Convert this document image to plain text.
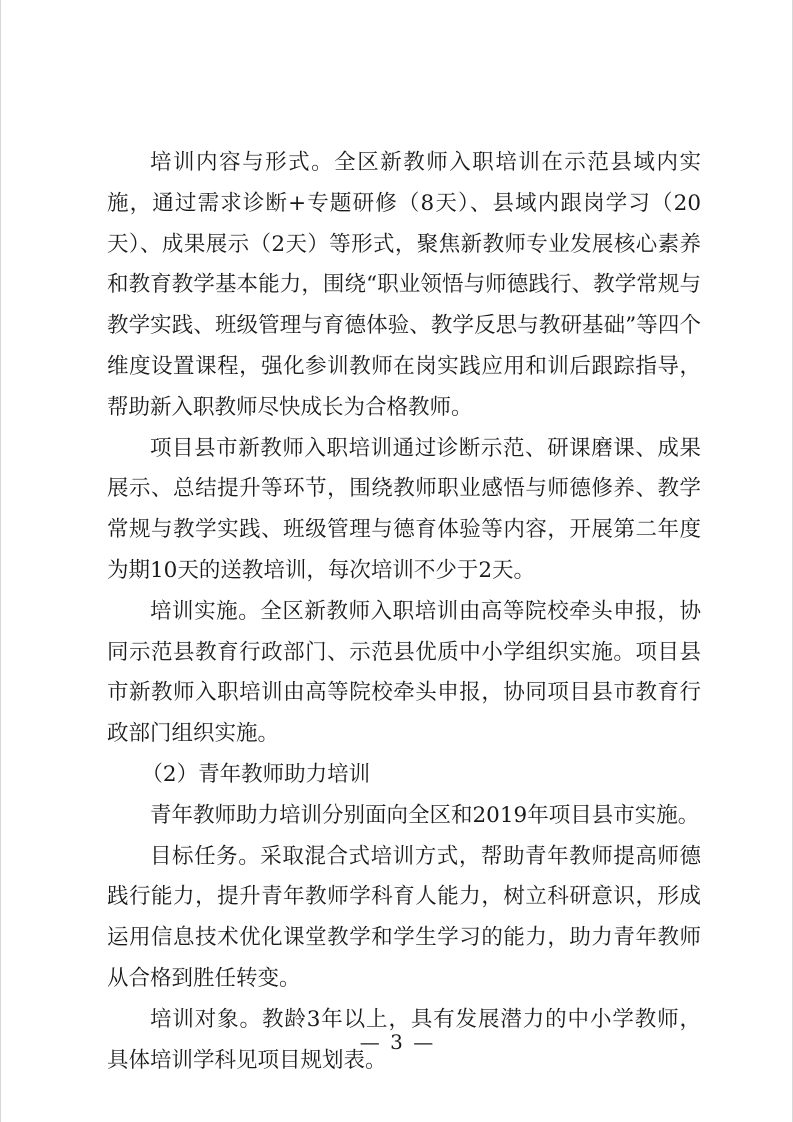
培训内容与形式。全区新教师入职培训在示范县域内实施，通过需求诊断+专题研修（8天）、县域内跟岗学习（20天）、成果展示（2天）等形式，聚焦新教师专业发展核心素养和教育教学基本能力，围绕“职业领悟与师德践行、教学常规与教学实践、班级管理与育德体验、教学反思与教研基础”等四个维度设置课程，强化参训教师在岗实践应用和训后跟踪指导，帮助新入职教师尽快成长为合格教师。

项目县市新教师入职培训通过诊断示范、研课磨课、成果展示、总结提升等环节，围绕教师职业感悟与师德修养、教学常规与教学实践、班级管理与德育体验等内容，开展第二年度为期10天的送教培训，每次培训不少于2天。

培训实施。全区新教师入职培训由高等院校牵头申报，协同示范县教育行政部门、示范县优质中小学组织实施。项目县市新教师入职培训由高等院校牵头申报，协同项目县市教育行政部门组织实施。

（2）青年教师助力培训

青年教师助力培训分别面向全区和2019年项目县市实施。

目标任务。采取混合式培训方式，帮助青年教师提高师德践行能力，提升青年教师学科育人能力，树立科研意识，形成运用信息技术优化课堂教学和学生学习的能力，助力青年教师从合格到胜任转变。

培训对象。教龄3年以上，具有发展潜力的中小学教师，具体培训学科见项目规划表。

— 3 —
